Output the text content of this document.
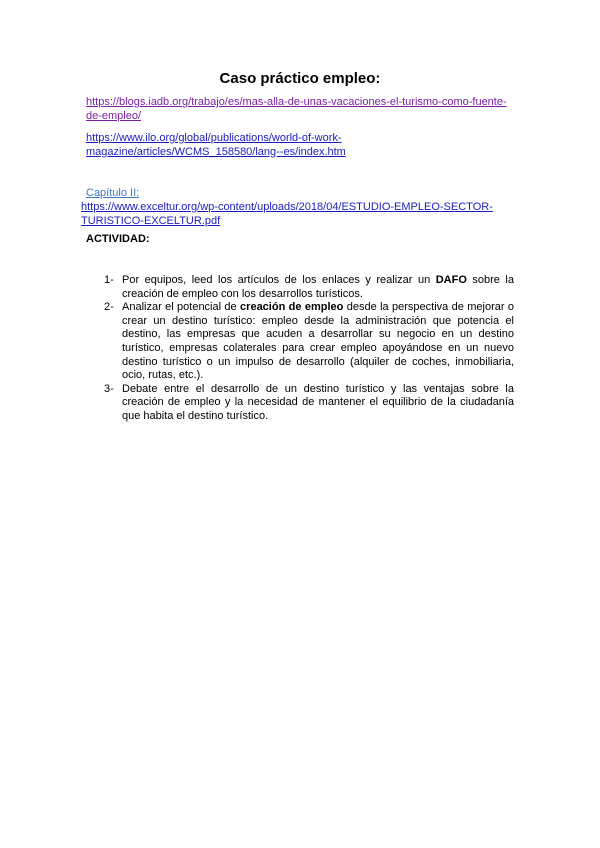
Caso práctico empleo:
https://blogs.iadb.org/trabajo/es/mas-alla-de-unas-vacaciones-el-turismo-como-fuente-de-empleo/
https://www.ilo.org/global/publications/world-of-work-magazine/articles/WCMS_158580/lang--es/index.htm
Capítulo II:
https://www.exceltur.org/wp-content/uploads/2018/04/ESTUDIO-EMPLEO-SECTOR-TURISTICO-EXCELTUR.pdf
ACTIVIDAD:
1- Por equipos, leed los artículos de los enlaces y realizar un DAFO sobre la creación de empleo con los desarrollos turísticos.
2- Analizar el potencial de creación de empleo desde la perspectiva de mejorar o crear un destino turístico: empleo desde la administración que potencia el destino, las empresas que acuden a desarrollar su negocio en un destino turístico, empresas colaterales para crear empleo apoyándose en un nuevo destino turístico o un impulso de desarrollo (alquiler de coches, inmobiliaria, ocio, rutas, etc.).
3- Debate entre el desarrollo de un destino turístico y las ventajas sobre la creación de empleo y la necesidad de mantener el equilibrio de la ciudadanía que habita el destino turístico.
